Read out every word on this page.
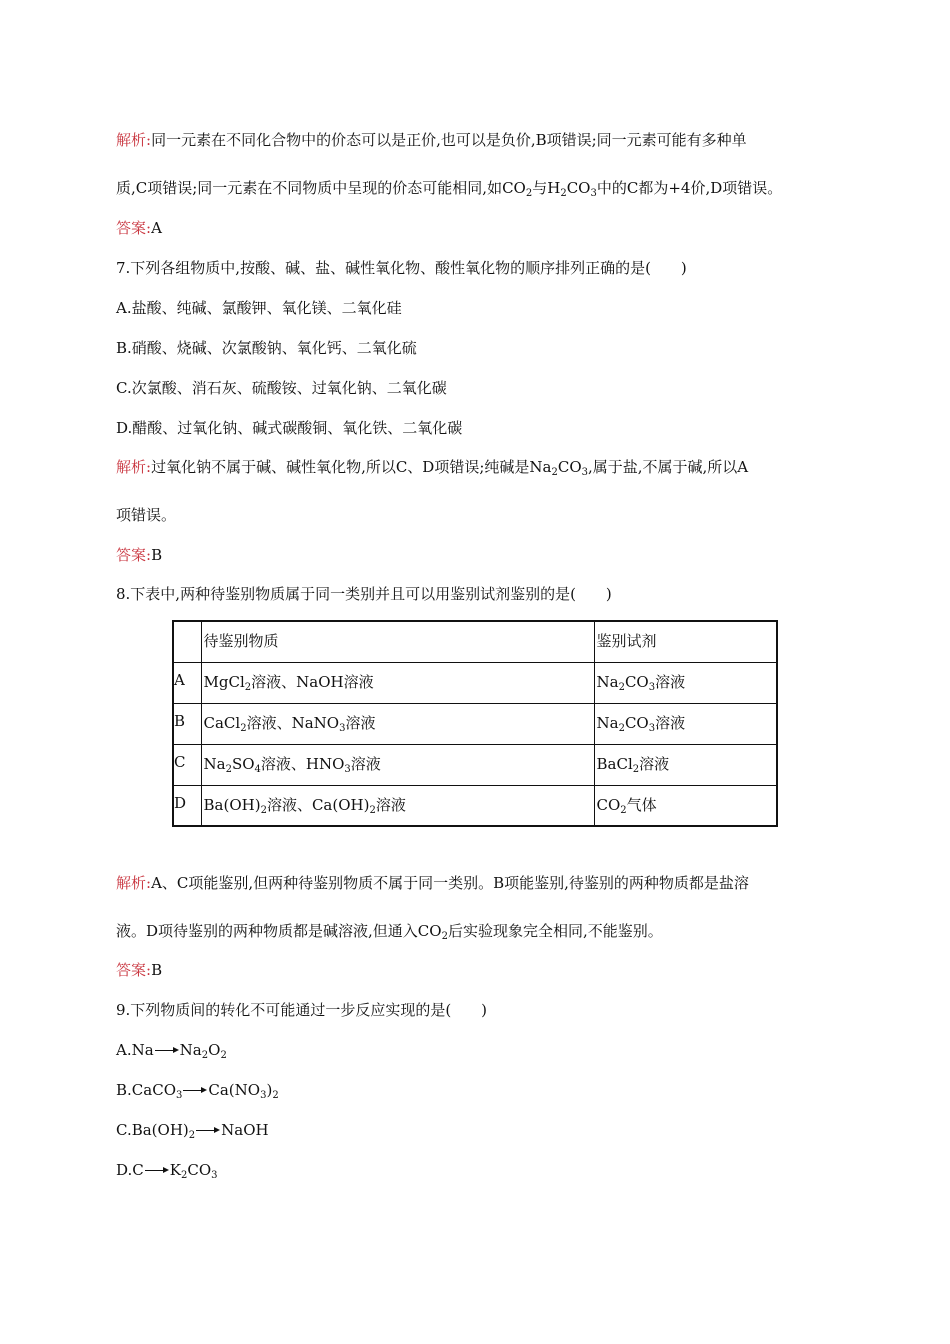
解析:同一元素在不同化合物中的价态可以是正价,也可以是负价,B项错误;同一元素可能有多种单
质,C项错误;同一元素在不同物质中呈现的价态可能相同,如$CO_2$与$H_2CO_3$中的C都为+4价,D项错误。
答案:A
7.下列各组物质中,按酸、碱、盐、碱性氧化物、酸性氧化物的顺序排列正确的是(　　)
A.盐酸、纯碱、氯酸钾、氧化镁、二氧化硅
B.硝酸、烧碱、次氯酸钠、氧化钙、二氧化硫
C.次氯酸、消石灰、硫酸铵、过氧化钠、二氧化碳
D.醋酸、过氧化钠、碱式碳酸铜、氧化铁、二氧化碳
解析:过氧化钠不属于碱、碱性氧化物,所以C、D项错误;纯碱是$Na_2CO_3$,属于盐,不属于碱,所以A
项错误。
答案:B
8.下表中,两种待鉴别物质属于同一类别并且可以用鉴别试剂鉴别的是(　　)
	待鉴别物质	鉴别试剂
A	MgCl$_2$溶液、NaOH溶液	$Na_2CO_3$溶液
B	CaCl$_2$溶液、NaNO$_3$溶液	$Na_2CO_3$溶液
C	$Na_2SO_4$溶液、$HNO_3$溶液	BaCl$_2$溶液
D	$Ba(OH)_2$溶液、$Ca(OH)_2$溶液	$CO_2$气体
解析:A、C项能鉴别,但两种待鉴别物质不属于同一类别。B项能鉴别,待鉴别的两种物质都是盐溶
液。D项待鉴别的两种物质都是碱溶液,但通入$CO_2$后实验现象完全相同,不能鉴别。
答案:B
9.下列物质间的转化不可能通过一步反应实现的是(　　)
A.Na $Na_2O_2$
B.CaCO$_3$ $Ca(NO_3)_2$
$C.Ba(OH)_2$ NaOH
D.C $K_2CO_3$
